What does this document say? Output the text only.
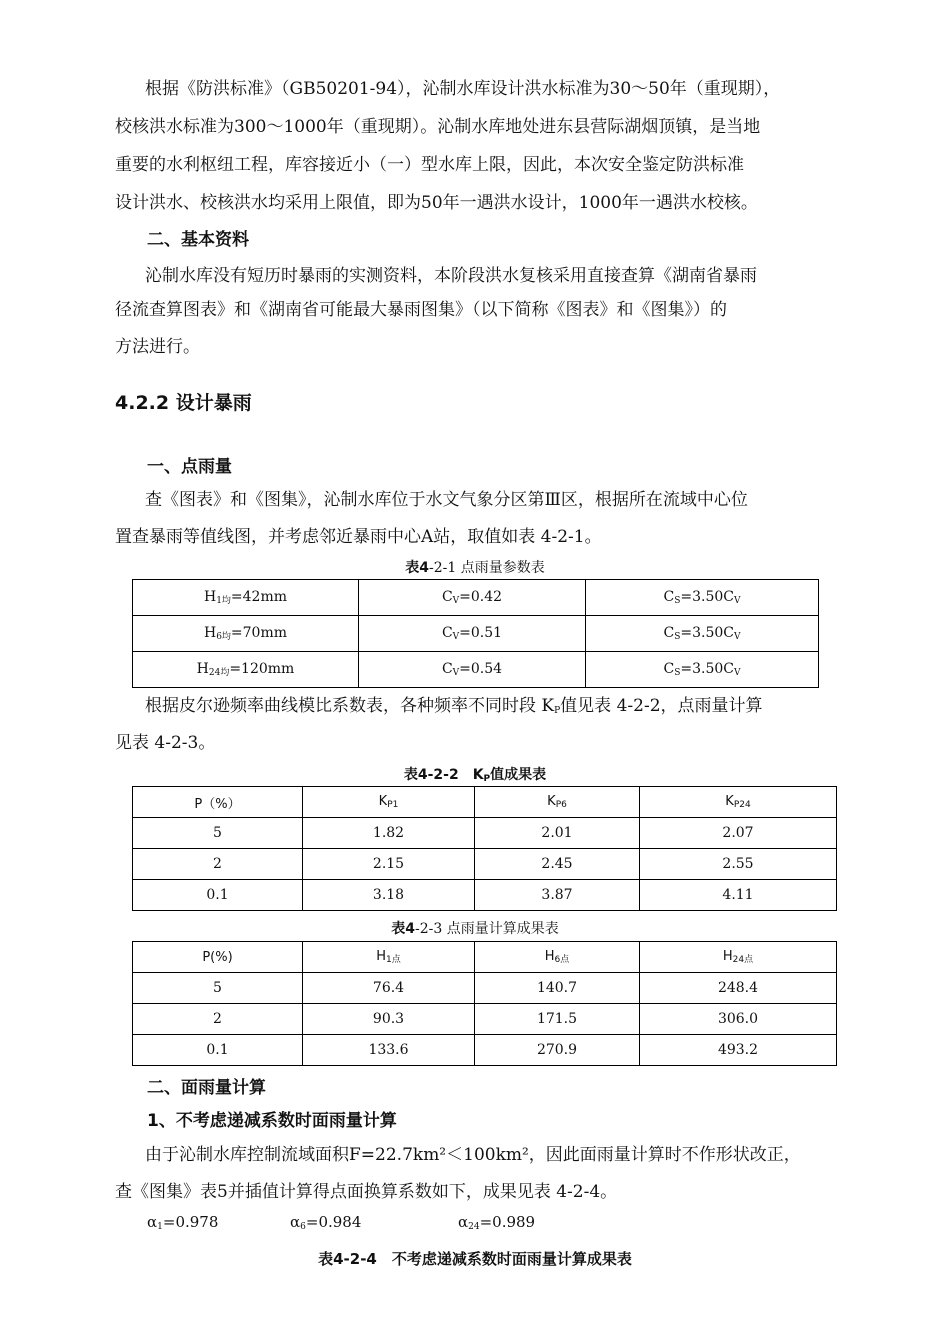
根据《防洪标准》（GB50201-94），沁制水库设计洪水标准为30～50年（重现期），

校核洪水标准为300～1000年（重现期）。沁制水库地处进东县营际湖烟顶镇，是当地

重要的水利枢纽工程，库容接近小（一）型水库上限，因此，本次安全鉴定防洪标准

设计洪水、校核洪水均采用上限值，即为50年一遇洪水设计，1000年一遇洪水校核。

二、基本资料

沁制水库没有短历时暴雨的实测资料，本阶段洪水复核采用直接查算《湖南省暴雨

径流查算图表》和《湖南省可能最大暴雨图集》（以下简称《图表》和《图集》）的

方法进行。

4.2.2 设计暴雨

一、点雨量

查《图表》和《图集》，沁制水库位于水文气象分区第Ⅲ区，根据所在流域中心位

置查暴雨等值线图，并考虑邻近暴雨中心A站，取值如表 4-2-1。

表4-2-1 点雨量参数表

$H_{1均}=42mm$	$C_V=0.42$	$C_S=3.50C_V$
$H_{6均}=70mm$	$C_V=0.51$	$C_S=3.50C_V$
$H_{24均}=120mm$	$C_V=0.54$	$C_S=3.50C_V$

根据皮尔逊频率曲线模比系数表，各种频率不同时段 $K_P$值见表 4-2-2，点雨量计算

见表 4-2-3。

表4-2-2　$K_P$值成果表

P（%）	$K_{P1}$	$K_{P6}$	$K_{P24}$
5	1.82	2.01	2.07
2	2.15	2.45	2.55
0.1	3.18	3.87	4.11

表4-2-3 点雨量计算成果表

P(%)	$H_{1点}$	$H_{6点}$	$H_{24点}$
5	76.4	140.7	248.4
2	90.3	171.5	306.0
0.1	133.6	270.9	493.2

二、面雨量计算

1、不考虑递减系数时面雨量计算

由于沁制水库控制流域面积F=22.7km²＜100km²，因此面雨量计算时不作形状改正，

查《图集》表5并插值计算得点面换算系数如下，成果见表 4-2-4。

$\alpha_1=0.978$	$\alpha_6=0.984$	$\alpha_{24}=0.989$

表4-2-4　不考虑递减系数时面雨量计算成果表
